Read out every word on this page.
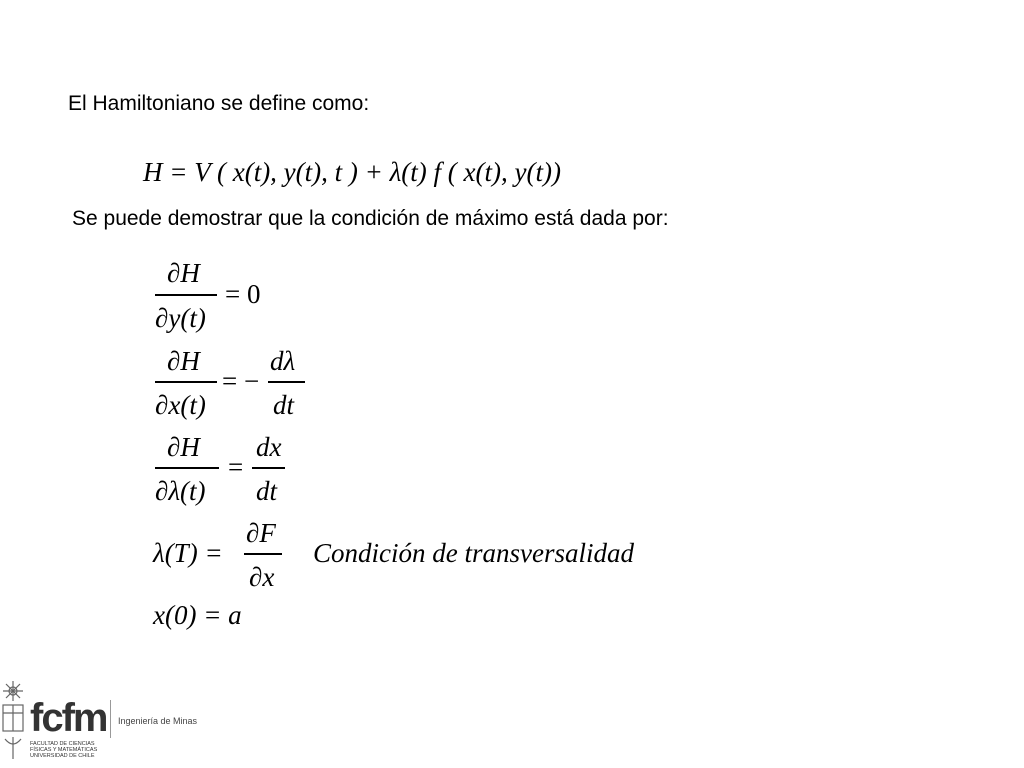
El Hamiltoniano se define como:
H = V ( x(t), y(t), t ) + λ(t) f ( x(t), y(t))
Se puede demostrar que la condición de máximo está dada por:
∂H
∂y(t)
= 0
∂H
∂x(t)
= −
dλ
dt
∂H
∂λ(t)
=
dx
dt
λ(T) =
∂F
∂x
Condición de transversalidad
x(0) = a
fcfm Ingeniería de Minas
FACULTAD DE CIENCIAS
FÍSICAS Y MATEMÁTICAS
UNIVERSIDAD DE CHILE
